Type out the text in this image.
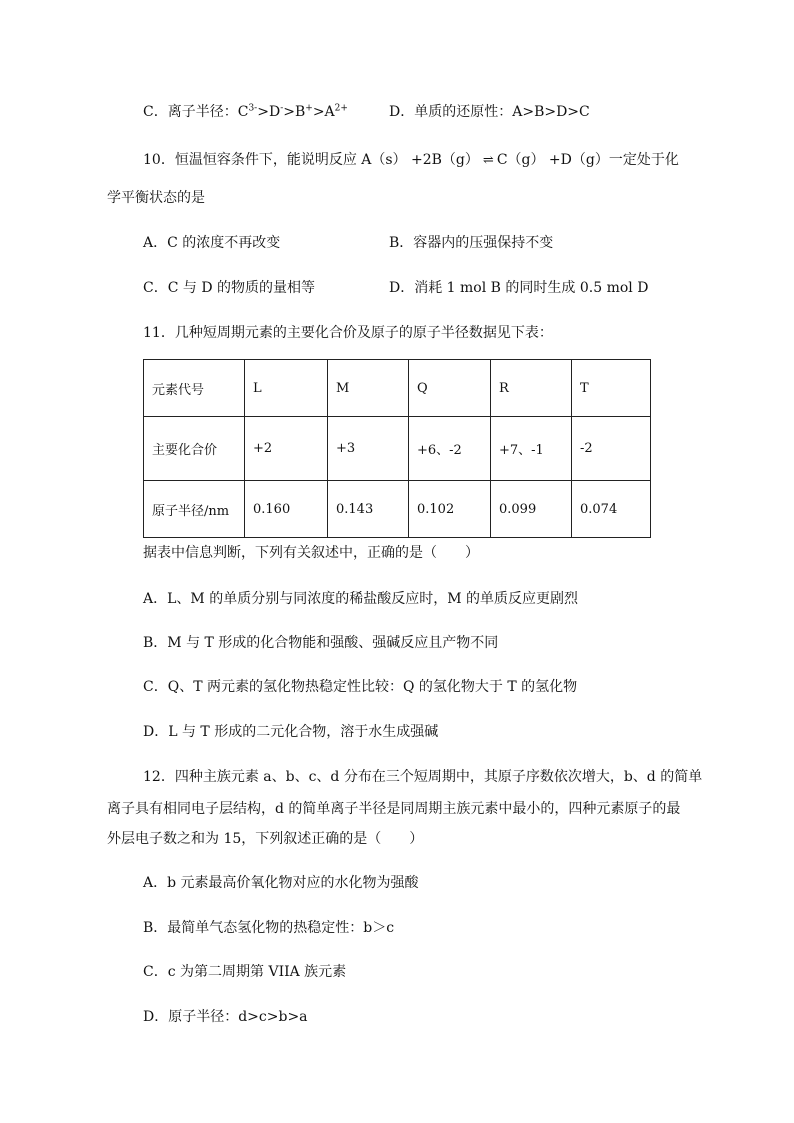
C．离子半径：$C^{3-}>D^->B^+>A^{2+}$	D．单质的还原性：A>B>D>C
10．恒温恒容条件下，能说明反应 A（s） +2B（g） ⇌ C（g） +D（g）一定处于化
学平衡状态的是
A．C 的浓度不再改变	B．容器内的压强保持不变
C．C 与 D 的物质的量相等	D．消耗 1 mol B 的同时生成 0.5 mol D
11．几种短周期元素的主要化合价及原子的原子半径数据见下表：
元素代号	L	M	Q	R	T
主要化合价	+2	+3	+6、-2	+7、-1	-2
原子半径/nm	0.160	0.143	0.102	0.099	0.074
据表中信息判断，下列有关叙述中，正确的是（　　）
A．L、M 的单质分别与同浓度的稀盐酸反应时，M 的单质反应更剧烈
B．M 与 T 形成的化合物能和强酸、强碱反应且产物不同
C．Q、T 两元素的氢化物热稳定性比较：Q 的氢化物大于 T 的氢化物
D．L 与 T 形成的二元化合物，溶于水生成强碱
12．四种主族元素 a、b、c、d 分布在三个短周期中，其原子序数依次增大，b、d 的简单
离子具有相同电子层结构，d 的简单离子半径是同周期主族元素中最小的，四种元素原子的最
外层电子数之和为 15，下列叙述正确的是（　　）
A．b 元素最高价氧化物对应的水化物为强酸
B．最简单气态氢化物的热稳定性：b＞c
C．c 为第二周期第 VIIA 族元素
D．原子半径：d>c>b>a
